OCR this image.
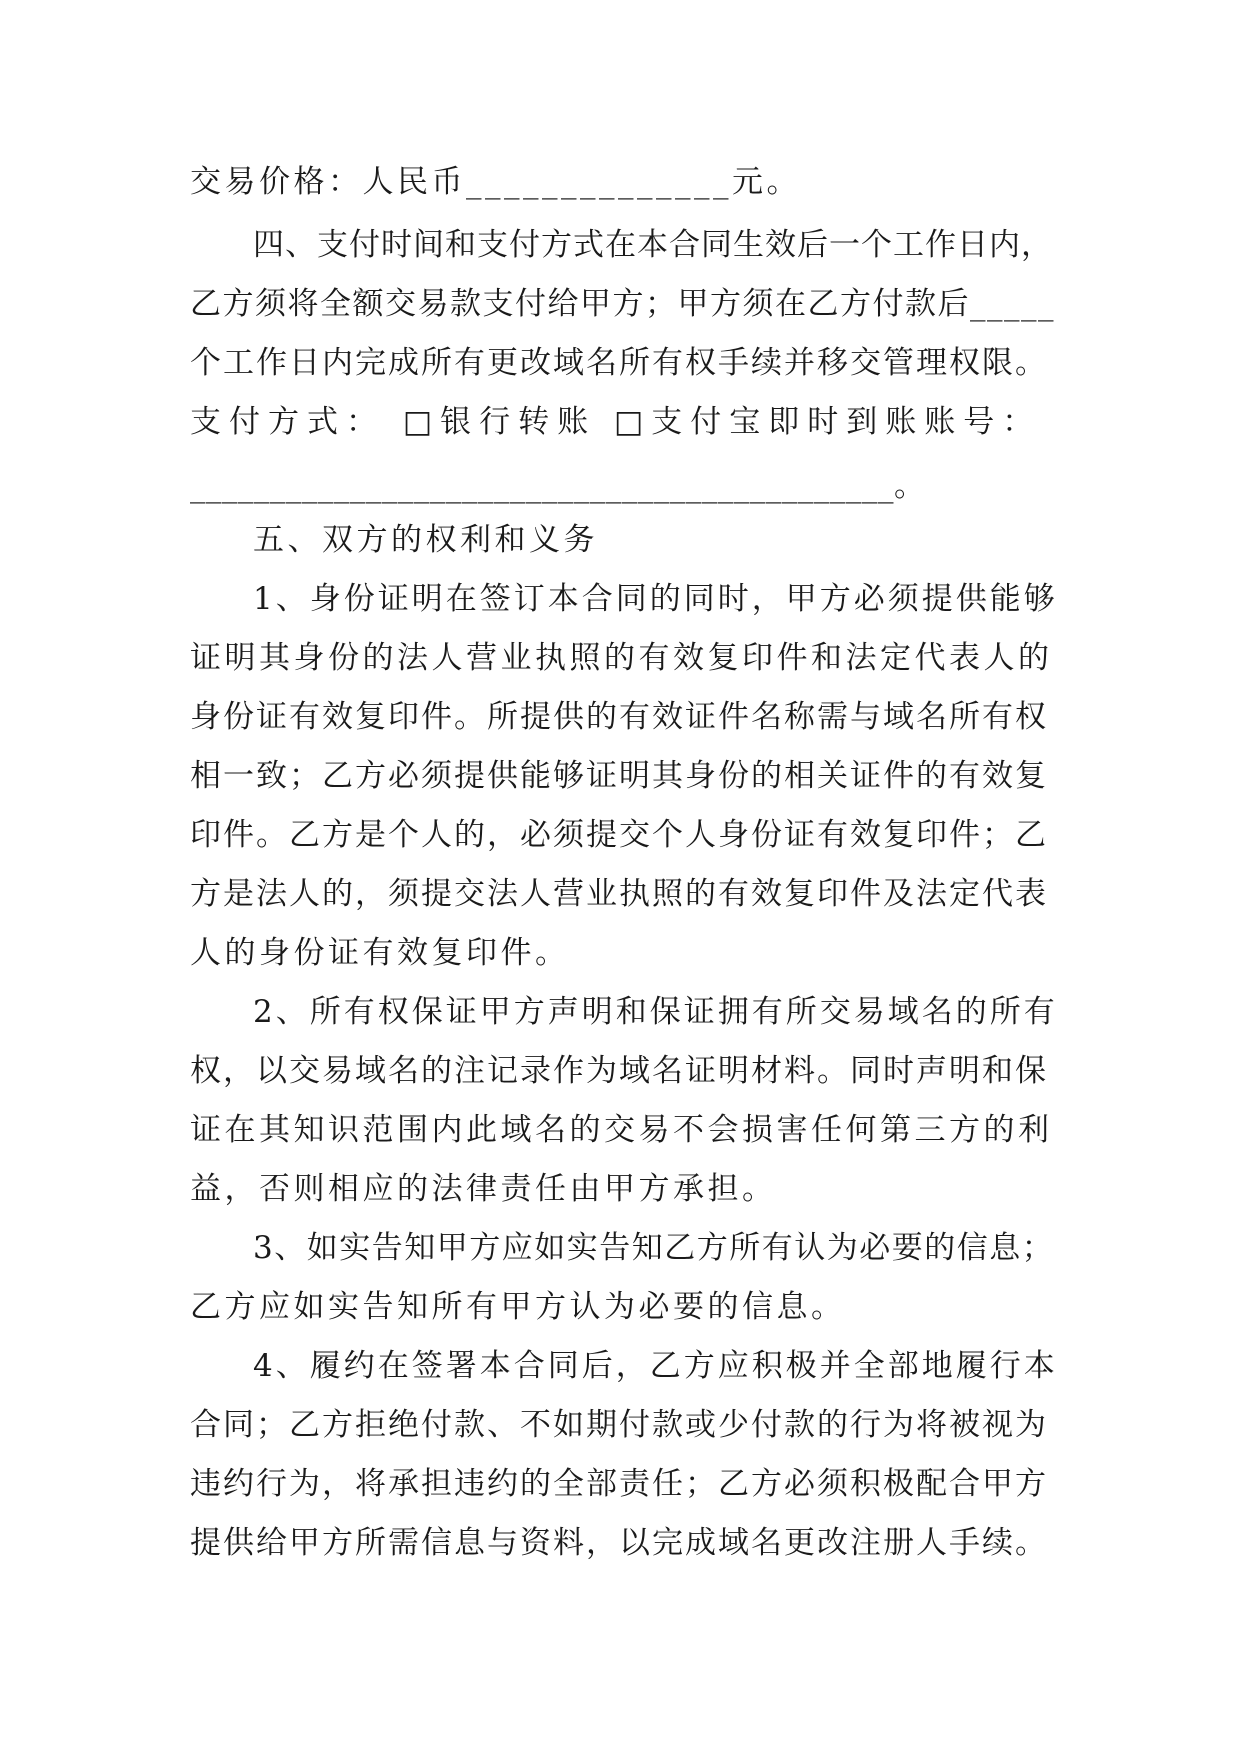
交易价格：人民币______________元。
四、支付时间和支付方式在本合同生效后一个工作日内，
乙方须将全额交易款支付给甲方；甲方须在乙方付款后_____
个工作日内完成所有更改域名所有权手续并移交管理权限。
支付方式： □银行转账 □支付宝即时到账账号：
____________________________________________。
五、双方的权利和义务
1、身份证明在签订本合同的同时，甲方必须提供能够
证明其身份的法人营业执照的有效复印件和法定代表人的
身份证有效复印件。所提供的有效证件名称需与域名所有权
相一致；乙方必须提供能够证明其身份的相关证件的有效复
印件。乙方是个人的，必须提交个人身份证有效复印件；乙
方是法人的，须提交法人营业执照的有效复印件及法定代表
人的身份证有效复印件。
2、所有权保证甲方声明和保证拥有所交易域名的所有
权，以交易域名的注记录作为域名证明材料。同时声明和保
证在其知识范围内此域名的交易不会损害任何第三方的利
益，否则相应的法律责任由甲方承担。
3、如实告知甲方应如实告知乙方所有认为必要的信息；
乙方应如实告知所有甲方认为必要的信息。
4、履约在签署本合同后，乙方应积极并全部地履行本
合同；乙方拒绝付款、不如期付款或少付款的行为将被视为
违约行为，将承担违约的全部责任；乙方必须积极配合甲方
提供给甲方所需信息与资料，以完成域名更改注册人手续。
